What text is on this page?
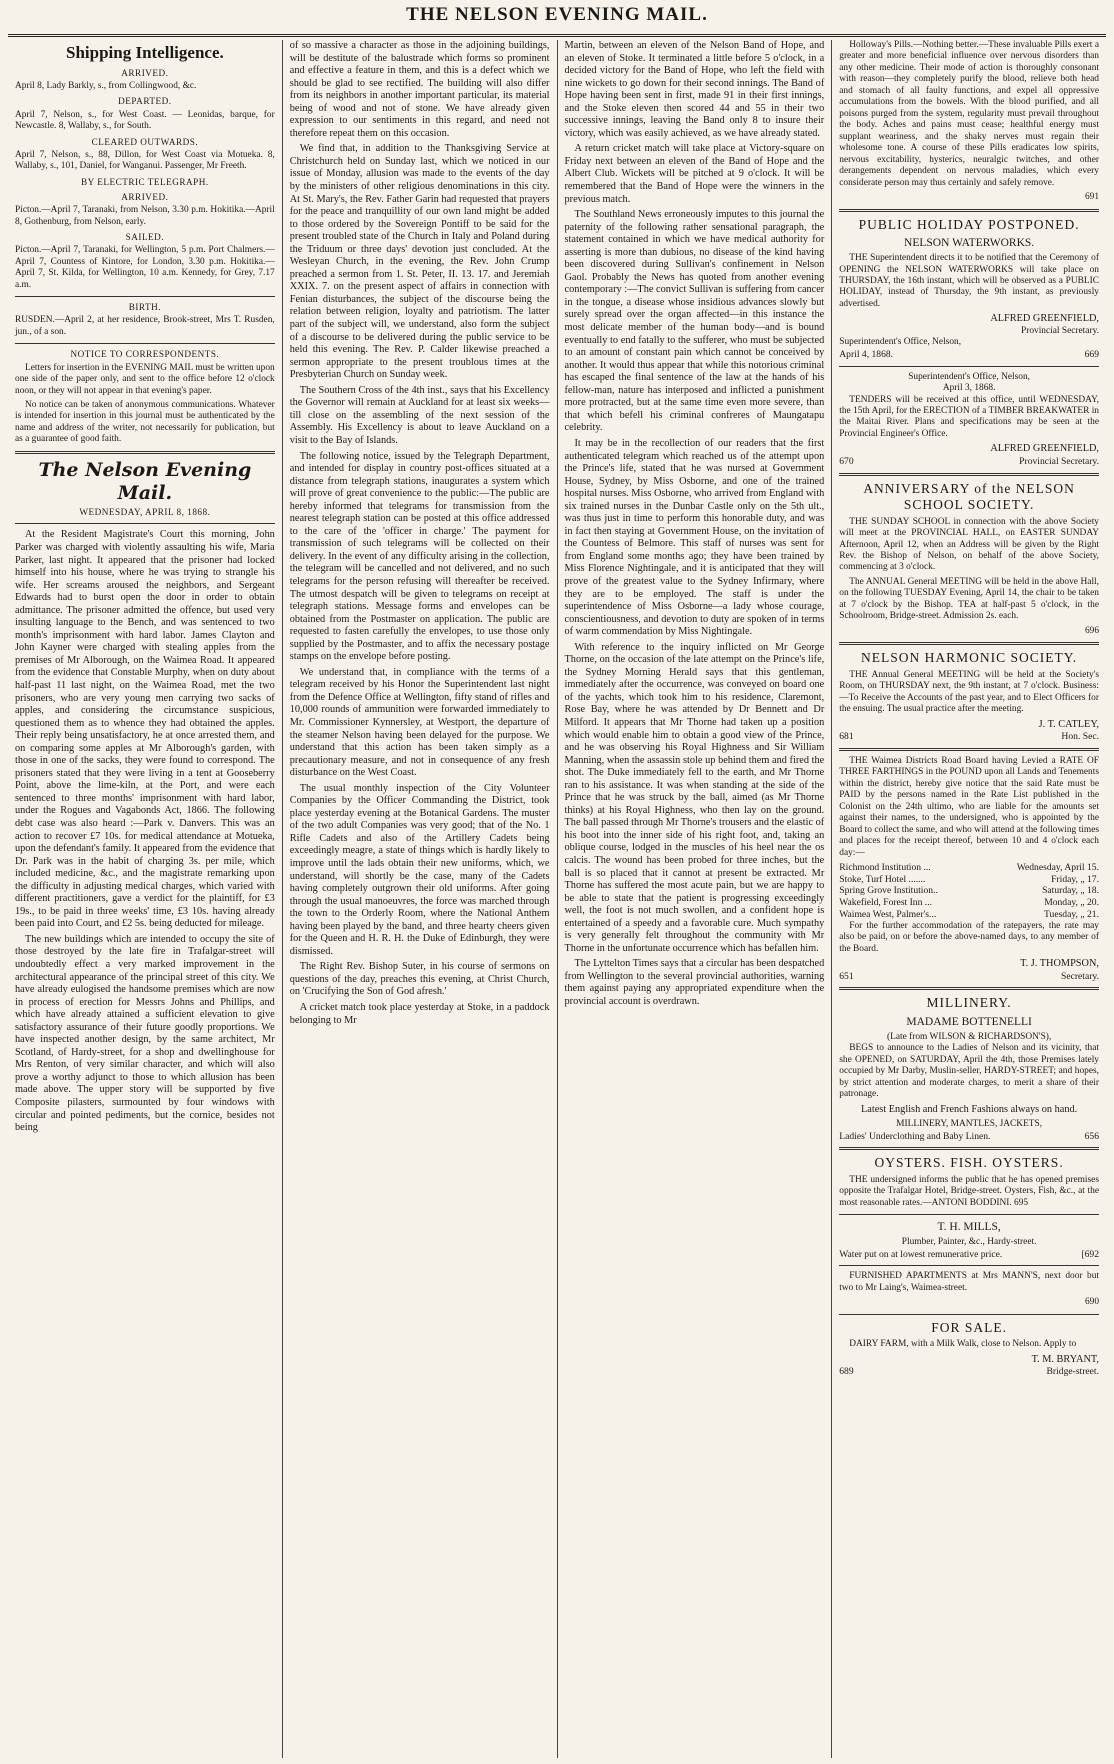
THE NELSON EVENING MAIL.
Shipping Intelligence.
ARRIVED.

April 8, Lady Barkly, s., from Collingwood, &c.

DEPARTED.

April 7, Nelson, s., for West Coast. — Leonidas, barque, for Newcastle. 8, Wallaby, s., for South.

CLEARED OUTWARDS.

April 7, Nelson, s., 88, Dillon, for West Coast via Motueka. 8, Wallaby, s., 101, Daniel, for Wanganui. Passenger, Mr Freeth.

BY ELECTRIC TELEGRAPH.
ARRIVED.

Picton.—April 7, Taranaki, from Nelson, 3.30 p.m. Hokitika.—April 8, Gothenburg, from Nelson, early.

SAILED.

Picton.—April 7, Taranaki, for Wellington, 5 p.m. Port Chalmers.—April 7, Countess of Kintore, for London, 3.30 p.m. Hokitika.—April 7, St. Kilda, for Wellington, 10 a.m. Kennedy, for Grey, 7.17 a.m.

BIRTH.

RUSDEN.—April 2, at her residence, Brook-street, Mrs T. Rusden, jun., of a son.

NOTICE TO CORRESPONDENTS.

Letters for insertion in the EVENING MAIL must be written upon one side of the paper only, and sent to the office before 12 o'clock noon, or they will not appear in that evening's paper.

No notice can be taken of anonymous communications. Whatever is intended for insertion in this journal must be authenticated by the name and address of the writer, not necessarily for publication, but as a guarantee of good faith.

The Nelson Evening Mail.
WEDNESDAY, APRIL 8, 1868.

At the Resident Magistrate's Court this morning, John Parker was charged with violently assaulting his wife, Maria Parker, last night. It appeared that the prisoner had locked himself into his house, where he was trying to strangle his wife. Her screams aroused the neighbors, and Sergeant Edwards had to burst open the door in order to obtain admittance. The prisoner admitted the offence, but used very insulting language to the Bench, and was sentenced to two month's imprisonment with hard labor. James Clayton and John Kayner were charged with stealing apples from the premises of Mr Alborough, on the Waimea Road. It appeared from the evidence that Constable Murphy, when on duty about half-past 11 last night, on the Waimea Road, met the two prisoners, who are very young men carrying two sacks of apples, and considering the circumstance suspicious, questioned them as to whence they had obtained the apples. Their reply being unsatisfactory, he at once arrested them, and on comparing some apples at Mr Alborough's garden, with those in one of the sacks, they were found to correspond. The prisoners stated that they were living in a tent at Gooseberry Point, above the lime-kiln, at the Port, and were each sentenced to three months' imprisonment with hard labor, under the Rogues and Vagabonds Act, 1866. The following debt case was also heard :—Park v. Danvers. This was an action to recover £7 10s. for medical attendance at Motueka, upon the defendant's family. It appeared from the evidence that Dr. Park was in the habit of charging 3s. per mile, which included medicine, &c., and the magistrate remarking upon the difficulty in adjusting medical charges, which varied with different practitioners, gave a verdict for the plaintiff, for £3 19s., to be paid in three weeks' time, £3 10s. having already been paid into Court, and £2 5s. being deducted for mileage.

The new buildings which are intended to occupy the site of those destroyed by the late fire in Trafalgar-street will undoubtedly effect a very marked improvement in the architectural appearance of the principal street of this city. We have already eulogised the handsome premises which are now in process of erection for Messrs Johns and Phillips, and which have already attained a sufficient elevation to give satisfactory assurance of their future goodly proportions. We have inspected another design, by the same architect, Mr Scotland, of Hardy-street, for a shop and dwellinghouse for Mrs Renton, of very similar character, and which will also prove a worthy adjunct to those to which allusion has been made above. The upper story will be supported by five Composite pilasters, surmounted by four windows with circular and pointed pediments, but the cornice, besides not being

of so massive a character as those in the adjoining buildings, will be destitute of the balustrade which forms so prominent and effective a feature in them, and this is a defect which we should be glad to see rectified. The building will also differ from its neighbors in another important particular, its material being of wood and not of stone. We have already given expression to our sentiments in this regard, and need not therefore repeat them on this occasion.

We find that, in addition to the Thanksgiving Service at Christchurch held on Sunday last, which we noticed in our issue of Monday, allusion was made to the events of the day by the ministers of other religious denominations in this city. At St. Mary's, the Rev. Father Garin had requested that prayers for the peace and tranquillity of our own land might be added to those ordered by the Sovereign Pontiff to be said for the present troubled state of the Church in Italy and Poland during the Triduum or three days' devotion just concluded. At the Wesleyan Church, in the evening, the Rev. John Crump preached a sermon from 1. St. Peter, II. 13. 17. and Jeremiah XXIX. 7. on the present aspect of affairs in connection with Fenian disturbances, the subject of the discourse being the relation between religion, loyalty and patriotism. The latter part of the subject will, we understand, also form the subject of a discourse to be delivered during the public service to be held this evening. The Rev. P. Calder likewise preached a sermon appropriate to the present troublous times at the Presbyterian Church on Sunday week.

The Southern Cross of the 4th inst., says that his Excellency the Governor will remain at Auckland for at least six weeks—till close on the assembling of the next session of the Assembly. His Excellency is about to leave Auckland on a visit to the Bay of Islands.

The following notice, issued by the Telegraph Department, and intended for display in country post-offices situated at a distance from telegraph stations, inaugurates a system which will prove of great convenience to the public:—The public are hereby informed that telegrams for transmission from the nearest telegraph station can be posted at this office addressed to the care of the 'officer in charge.' The payment for transmission of such telegrams will be collected on their delivery. In the event of any difficulty arising in the collection, the telegram will be cancelled and not delivered, and no such telegrams for the person refusing will thereafter be received. The utmost despatch will be given to telegrams on receipt at telegraph stations. Message forms and envelopes can be obtained from the Postmaster on application. The public are requested to fasten carefully the envelopes, to use those only supplied by the Postmaster, and to affix the necessary postage stamps on the envelope before posting.

We understand that, in compliance with the terms of a telegram received by his Honor the Superintendent last night from the Defence Office at Wellington, fifty stand of rifles and 10,000 rounds of ammunition were forwarded immediately to Mr. Commissioner Kynnersley, at Westport, the departure of the steamer Nelson having been delayed for the purpose. We understand that this action has been taken simply as a precautionary measure, and not in consequence of any fresh disturbance on the West Coast.

The usual monthly inspection of the City Volunteer Companies by the Officer Commanding the District, took place yesterday evening at the Botanical Gardens. The muster of the two adult Companies was very good; that of the No. 1 Rifle Cadets and also of the Artillery Cadets being exceedingly meagre, a state of things which is hardly likely to improve until the lads obtain their new uniforms, which, we understand, will shortly be the case, many of the Cadets having completely outgrown their old uniforms. After going through the usual manoeuvres, the force was marched through the town to the Orderly Room, where the National Anthem having been played by the band, and three hearty cheers given for the Queen and H. R. H. the Duke of Edinburgh, they were dismissed.

The Right Rev. Bishop Suter, in his course of sermons on questions of the day, preaches this evening, at Christ Church, on 'Crucifying the Son of God afresh.'

A cricket match took place yesterday at Stoke, in a paddock belonging to Mr

Martin, between an eleven of the Nelson Band of Hope, and an eleven of Stoke. It terminated a little before 5 o'clock, in a decided victory for the Band of Hope, who left the field with nine wickets to go down for their second innings. The Band of Hope having been sent in first, made 91 in their first innings, and the Stoke eleven then scored 44 and 55 in their two successive innings, leaving the Band only 8 to insure their victory, which was easily achieved, as we have already stated.

A return cricket match will take place at Victory-square on Friday next between an eleven of the Band of Hope and the Albert Club. Wickets will be pitched at 9 o'clock. It will be remembered that the Band of Hope were the winners in the previous match.

The Southland News erroneously imputes to this journal the paternity of the following rather sensational paragraph, the statement contained in which we have medical authority for asserting is more than dubious, no disease of the kind having been discovered during Sullivan's confinement in Nelson Gaol. Probably the News has quoted from another evening contemporary :—The convict Sullivan is suffering from cancer in the tongue, a disease whose insidious advances slowly but surely spread over the organ affected—in this instance the most delicate member of the human body—and is bound eventually to end fatally to the sufferer, who must be subjected to an amount of constant pain which cannot be conceived by another. It would thus appear that while this notorious criminal has escaped the final sentence of the law at the hands of his fellow-man, nature has interposed and inflicted a punishment more protracted, but at the same time even more severe, than that which befell his criminal confreres of Maungatapu celebrity.

It may be in the recollection of our readers that the first authenticated telegram which reached us of the attempt upon the Prince's life, stated that he was nursed at Government House, Sydney, by Miss Osborne, and one of the trained hospital nurses. Miss Osborne, who arrived from England with six trained nurses in the Dunbar Castle only on the 5th ult., was thus just in time to perform this honorable duty, and was in fact then staying at Government House, on the invitation of the Countess of Belmore. This staff of nurses was sent for from England some months ago; they have been trained by Miss Florence Nightingale, and it is anticipated that they will prove of the greatest value to the Sydney Infirmary, where they are to be employed. The staff is under the superintendence of Miss Osborne—a lady whose courage, conscientiousness, and devotion to duty are spoken of in terms of warm commendation by Miss Nightingale.

With reference to the inquiry inflicted on Mr George Thorne, on the occasion of the late attempt on the Prince's life, the Sydney Morning Herald says that this gentleman, immediately after the occurrence, was conveyed on board one of the yachts, which took him to his residence, Claremont, Rose Bay, where he was attended by Dr Bennett and Dr Milford. It appears that Mr Thorne had taken up a position which would enable him to obtain a good view of the Prince, and he was observing his Royal Highness and Sir William Manning, when the assassin stole up behind them and fired the shot. The Duke immediately fell to the earth, and Mr Thorne ran to his assistance. It was when standing at the side of the Prince that he was struck by the ball, aimed (as Mr Thorne thinks) at his Royal Highness, who then lay on the ground. The ball passed through Mr Thorne's trousers and the elastic of his boot into the inner side of his right foot, and, taking an oblique course, lodged in the muscles of his heel near the os calcis. The wound has been probed for three inches, but the ball is so placed that it cannot at present be extracted. Mr Thorne has suffered the most acute pain, but we are happy to be able to state that the patient is progressing exceedingly well, the foot is not much swollen, and a confident hope is entertained of a speedy and a favorable cure. Much sympathy is very generally felt throughout the community with Mr Thorne in the unfortunate occurrence which has befallen him.

The Lyttelton Times says that a circular has been despatched from Wellington to the several provincial authorities, warning them against paying any appropriated expenditure when the provincial account is overdrawn.

Holloway's Pills.—Nothing better.—These invaluable Pills exert a greater and more beneficial influence over nervous disorders than any other medicine. Their mode of action is thoroughly consonant with reason—they completely purify the blood, relieve both head and stomach of all faulty functions, and expel all oppressive accumulations from the bowels. With the blood purified, and all poisons purged from the system, regularity must prevail throughout the body. Aches and pains must cease; healthful energy must supplant weariness, and the shaky nerves must regain their wholesome tone. A course of these Pills eradicates low spirits, nervous excitability, hysterics, neuralgic twitches, and other derangements dependent on nervous maladies, which every considerate person may thus certainly and safely remove.

691
PUBLIC HOLIDAY POSTPONED.
NELSON WATERWORKS.

THE Superintendent directs it to be notified that the Ceremony of OPENING the NELSON WATERWORKS will take place on THURSDAY, the 16th instant, which will be observed as a PUBLIC HOLIDAY, instead of Thursday, the 9th instant, as previously advertised.

ALFRED GREENFIELD,
Provincial Secretary.
Superintendent's Office, Nelson,
April 4, 1868.	669
Superintendent's Office, Nelson,
April 3, 1868.

TENDERS will be received at this office, until WEDNESDAY, the 15th April, for the ERECTION of a TIMBER BREAKWATER in the Maitai River. Plans and specifications may be seen at the Provincial Engineer's Office.

ALFRED GREENFIELD,
670	Provincial Secretary.
ANNIVERSARY of the NELSON SCHOOL SOCIETY.

THE SUNDAY SCHOOL in connection with the above Society will meet at the PROVINCIAL HALL, on EASTER SUNDAY Afternoon, April 12, when an Address will be given by the Right Rev. the Bishop of Nelson, on behalf of the above Society, commencing at 3 o'clock.

The ANNUAL General MEETING will be held in the above Hall, on the following TUESDAY Evening, April 14, the chair to be taken at 7 o'clock by the Bishop. TEA at half-past 5 o'clock, in the Schoolroom, Bridge-street. Admission 2s. each.

696
NELSON HARMONIC SOCIETY.

THE Annual General MEETING will be held at the Society's Room, on THURSDAY next, the 9th instant, at 7 o'clock. Business:—To Receive the Accounts of the past year, and to Elect Officers for the ensuing. The usual practice after the meeting.

J. T. CATLEY,
681	Hon. Sec.

THE Waimea Districts Road Board having Levied a RATE OF THREE FARTHINGS in the POUND upon all Lands and Tenements within the district, hereby give notice that the said Rate must be PAID by the persons named in the Rate List published in the Colonist on the 24th ultimo, who are liable for the amounts set against their names, to the undersigned, who is appointed by the Board to collect the same, and who will attend at the following times and places for the receipt thereof, between 10 and 4 o'clock each day:—

Richmond Institution ...	Wednesday, April 15.
Stoke, Turf Hotel .......	Friday, „ 17.
Spring Grove Institution..	Saturday, „ 18.
Wakefield, Forest Inn ...	Monday, „ 20.
Waimea West, Palmer's...	Tuesday, „ 21.

For the further accommodation of the ratepayers, the rate may also be paid, on or before the above-named days, to any member of the Board.

T. J. THOMPSON,
651	Secretary.
MILLINERY.
MADAME BOTTENELLI
(Late from WILSON & RICHARDSON'S),

BEGS to announce to the Ladies of Nelson and its vicinity, that she OPENED, on SATURDAY, April the 4th, those Premises lately occupied by Mr Darby, Muslin-seller, HARDY-STREET; and hopes, by strict attention and moderate charges, to merit a share of their patronage.

Latest English and French Fashions always on hand.

MILLINERY, MANTLES, JACKETS,
Ladies' Underclothing and Baby Linen.	656
OYSTERS. FISH. OYSTERS.

THE undersigned informs the public that he has opened premises opposite the Trafalgar Hotel, Bridge-street. Oysters, Fish, &c., at the most reasonable rates.—ANTONI BODDINI. 695

T. H. MILLS,
Plumber, Painter, &c., Hardy-street.
Water put on at lowest remunerative price.	[692

FURNISHED APARTMENTS at Mrs MANN'S, next door but two to Mr Laing's, Waimea-street.

690
FOR SALE.

DAIRY FARM, with a Milk Walk, close to Nelson. Apply to

T. M. BRYANT,
689	Bridge-street.
